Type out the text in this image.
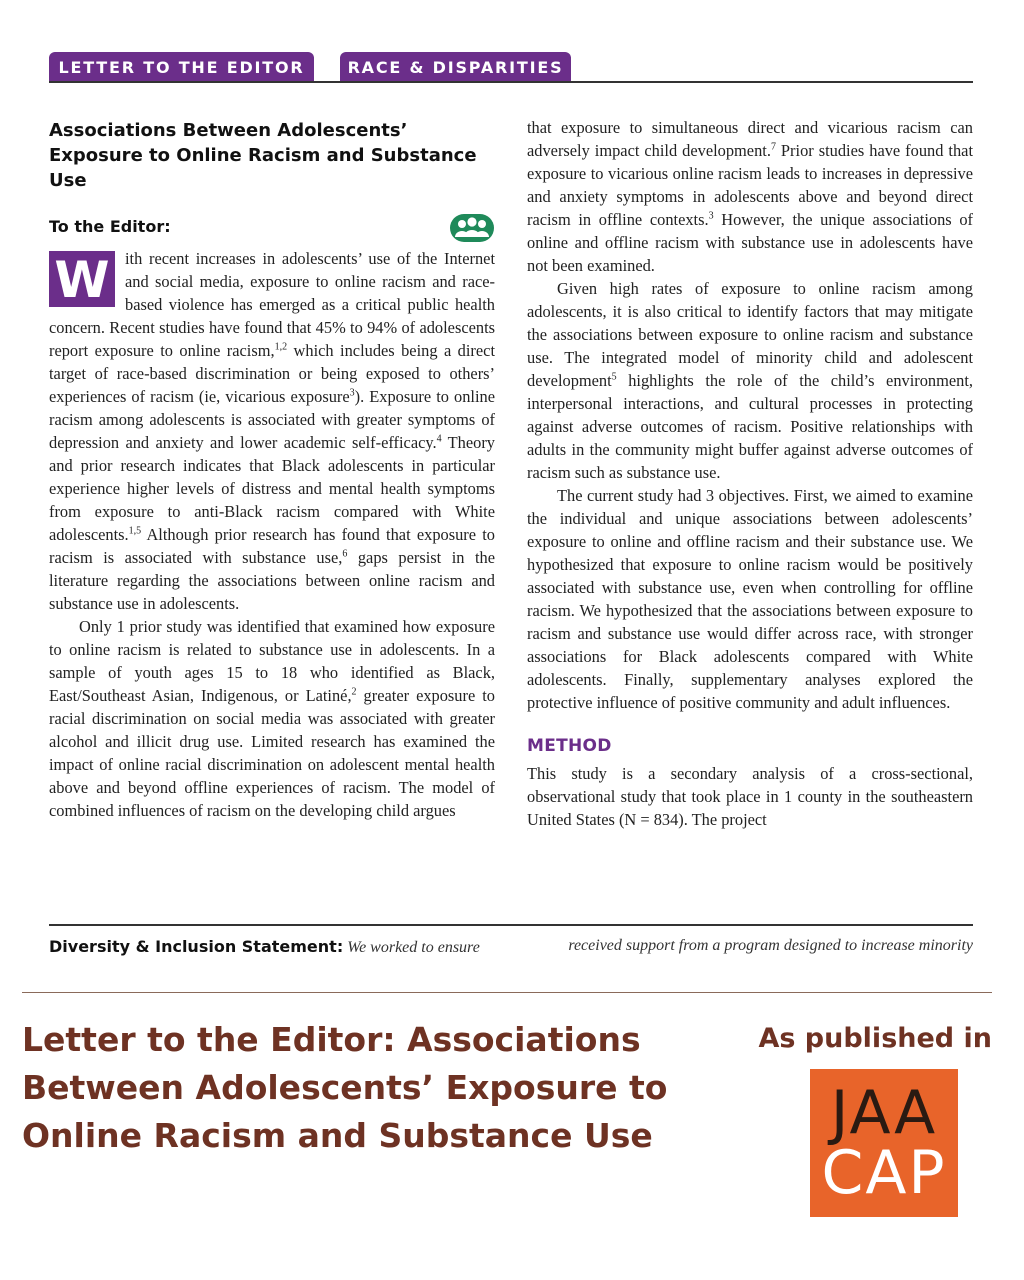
LETTER TO THE EDITOR	RACE & DISPARITIES
Associations Between Adolescents’ Exposure to Online Racism and Substance Use
To the Editor:

W ith recent increases in adolescents’ use of the Internet and social media, exposure to online racism and race-based violence has emerged as a critical public health concern. Recent studies have found that 45% to 94% of adolescents report exposure to online racism,$^{1,2}$ which includes being a direct target of race-based discrimination or being exposed to others’ experiences of racism (ie, vicarious exposure$^3$). Exposure to online racism among adolescents is associated with greater symptoms of depression and anxiety and lower academic self-efficacy.$^4$ Theory and prior research indicates that Black adolescents in particular experience higher levels of distress and mental health symptoms from exposure to anti-Black racism compared with White adolescents.$^{1,5}$ Although prior research has found that exposure to racism is associated with substance use,$^6$ gaps persist in the literature regarding the associations between online racism and substance use in adolescents.

Only 1 prior study was identified that examined how exposure to online racism is related to substance use in adolescents. In a sample of youth ages 15 to 18 who identified as Black, East/Southeast Asian, Indigenous, or Latiné,$^2$ greater exposure to racial discrimination on social media was associated with greater alcohol and illicit drug use. Limited research has examined the impact of online racial discrimination on adolescent mental health above and beyond offline experiences of racism. The model of combined influences of racism on the developing child argues

that exposure to simultaneous direct and vicarious racism can adversely impact child development.$^7$ Prior studies have found that exposure to vicarious online racism leads to increases in depressive and anxiety symptoms in adolescents above and beyond direct racism in offline contexts.$^3$ However, the unique associations of online and offline racism with substance use in adolescents have not been examined.

Given high rates of exposure to online racism among adolescents, it is also critical to identify factors that may mitigate the associations between exposure to online racism and substance use. The integrated model of minority child and adolescent development$^5$ highlights the role of the child’s environment, interpersonal interactions, and cultural processes in protecting against adverse outcomes of racism. Positive relationships with adults in the community might buffer against adverse outcomes of racism such as substance use.

The current study had 3 objectives. First, we aimed to examine the individual and unique associations between adolescents’ exposure to online and offline racism and their substance use. We hypothesized that exposure to online racism would be positively associated with substance use, even when controlling for offline racism. We hypothesized that the associations between exposure to racism and substance use would differ across race, with stronger associations for Black adolescents compared with White adolescents. Finally, supplementary analyses explored the protective influence of positive community and adult influences.

METHOD

This study is a secondary analysis of a cross-sectional, observational study that took place in 1 county in the southeastern United States (N = 834). The project

Diversity & Inclusion Statement: We worked to ensure	received support from a program designed to increase minority
Letter to the Editor: Associations Between Adolescents’ Exposure to Online Racism and Substance Use
As published in
JAA
CAP
